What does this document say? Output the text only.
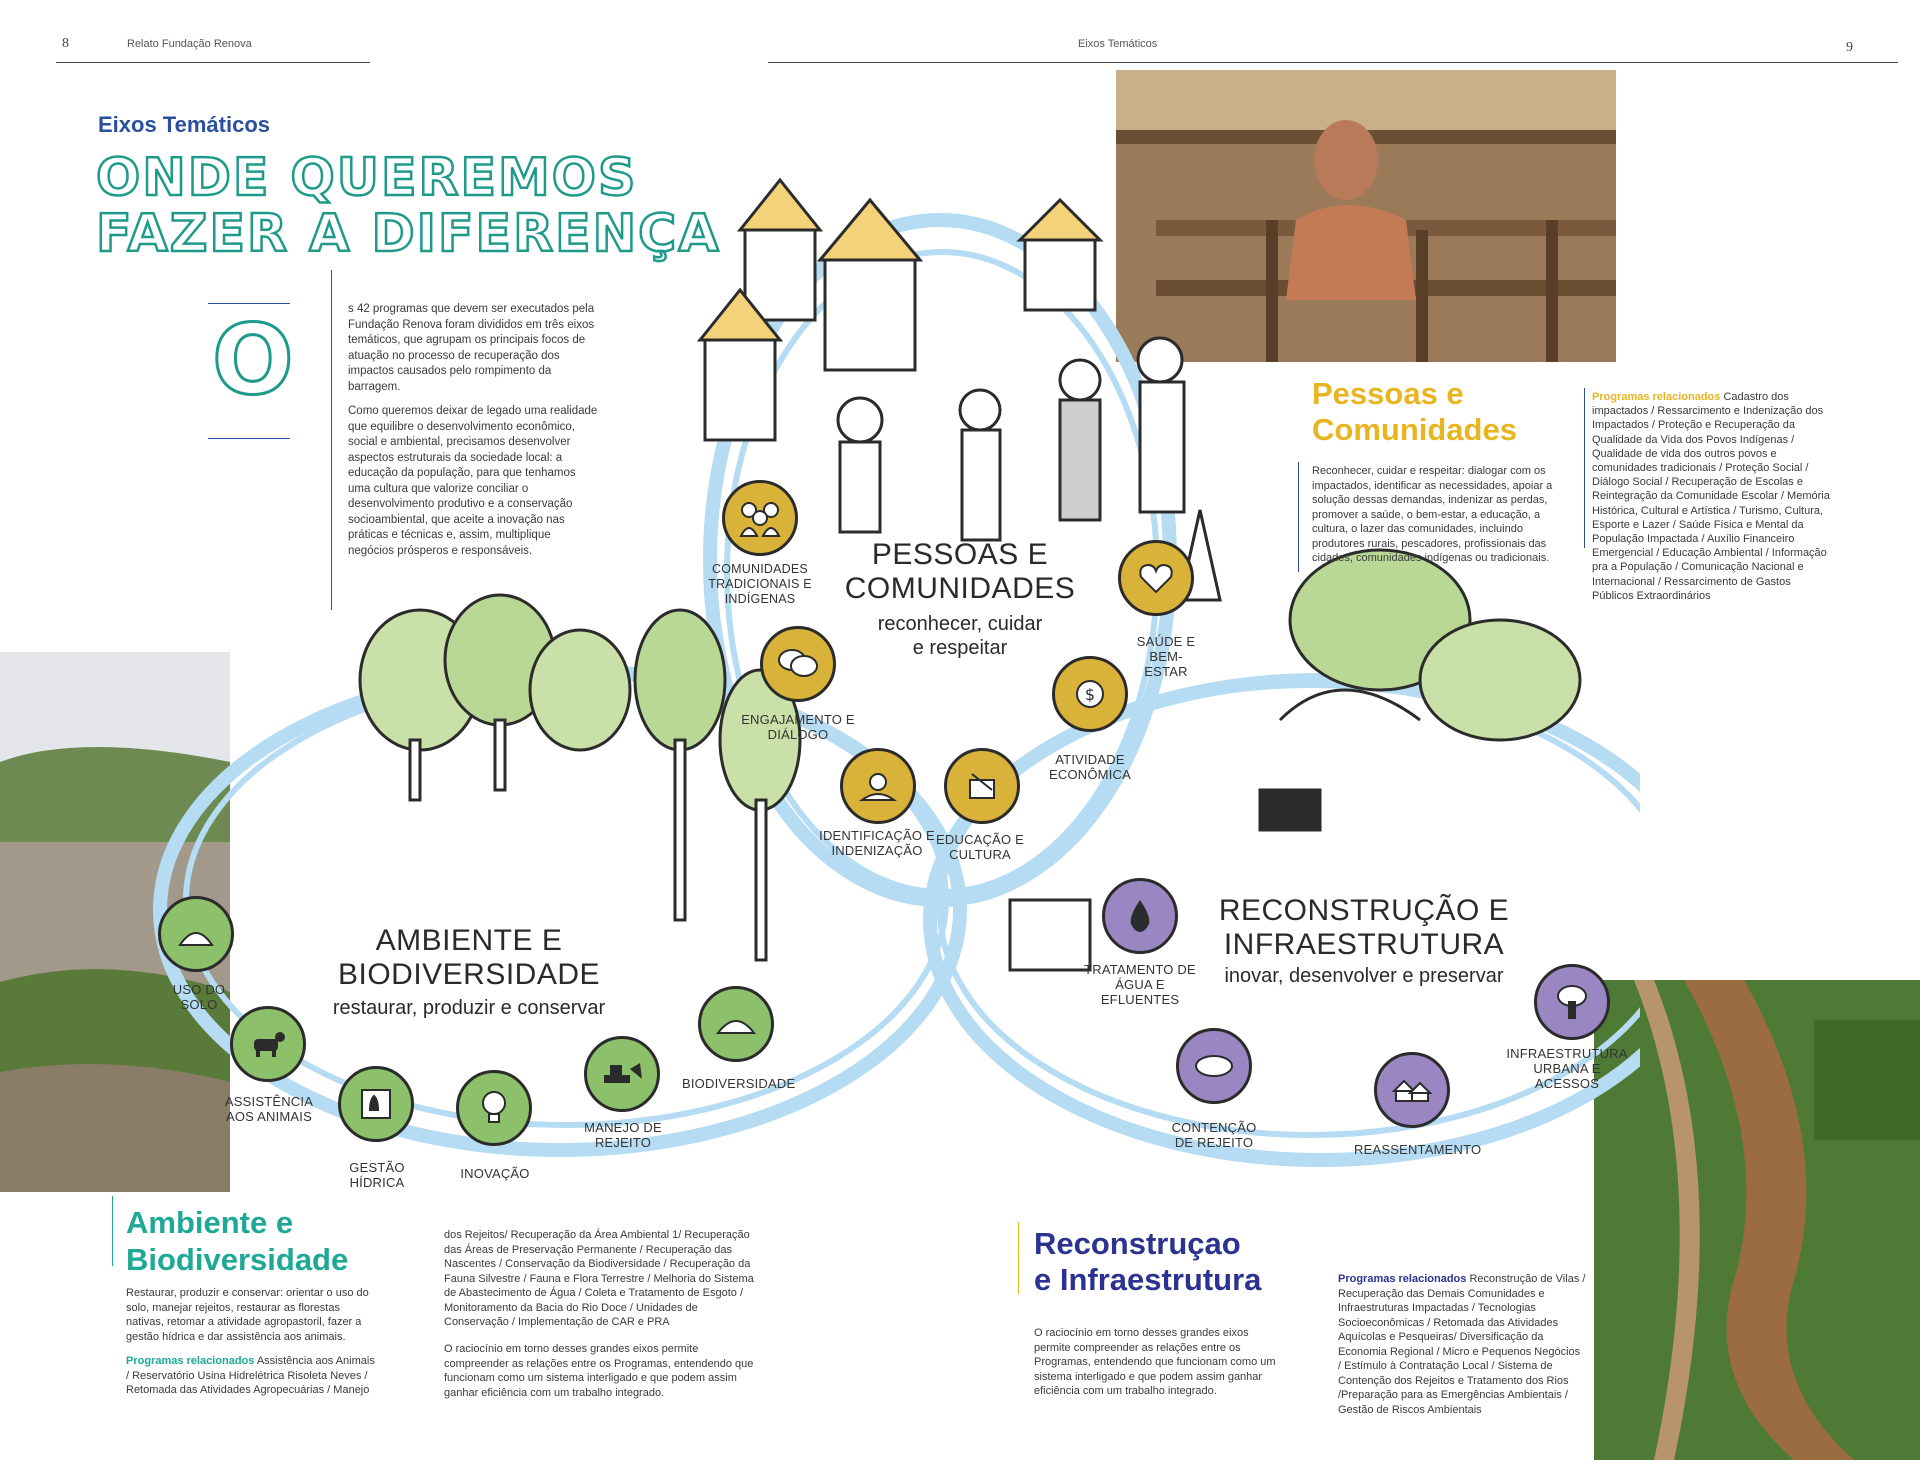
8	Relato Fundação Renova	Eixos Temáticos	9
Eixos Temáticos
ONDE QUEREMOS
FAZER A DIFERENÇA
O	s 42 programas que devem ser executados pela Fundação Renova foram divididos em três eixos temáticos, que agrupam os principais focos de atuação no processo de recuperação dos impactos causados pelo rompimento da barragem.
Como queremos deixar de legado uma realidade que equilibre o desenvolvimento econômico, social e ambiental, precisamos desenvolver aspectos estruturais da sociedade local: a educação da população, para que tenhamos uma cultura que valorize conciliar o desenvolvimento produtivo e a conservação socioambiental, que aceite a inovação nas práticas e técnicas e, assim, multiplique negócios prósperos e responsáveis.
COMUNIDADES TRADICIONAIS E INDÍGENAS
ENGAJAMENTO E DIÁLOGO
IDENTIFICAÇÃO E INDENIZAÇÃO
EDUCAÇÃO E CULTURA
$
ATIVIDADE ECONÔMICA
SAÚDE E BEM-ESTAR
USO DO SOLO
ASSISTÊNCIA AOS ANIMAIS
GESTÃO HÍDRICA
INOVAÇÃO
MANEJO DE REJEITO
BIODIVERSIDADE
TRATAMENTO DE ÁGUA E EFLUENTES
CONTENÇÃO DE REJEITO	REASSENTAMENTO
INFRAESTRUTURA URBANA E ACESSOS
PESSOAS E
COMUNIDADES
reconhecer, cuidar
e respeitar
AMBIENTE E
BIODIVERSIDADE
restaurar, produzir e conservar
RECONSTRUÇÃO E
INFRAESTRUTURA
inovar, desenvolver e preservar
Pessoas e
Comunidades
Reconhecer, cuidar e respeitar: dialogar com os impactados, identificar as necessidades, apoiar a solução dessas demandas, indenizar as perdas, promover a saúde, o bem-estar, a educação, a cultura, o lazer das comunidades, incluindo produtores rurais, pescadores, profissionais das cidades, comunidades indígenas ou tradicionais.
Programas relacionados Cadastro dos impactados / Ressarcimento e Indenização dos Impactados / Proteção e Recuperação da Qualidade da Vida dos Povos Indígenas / Qualidade de vida dos outros povos e comunidades tradicionais / Proteção Social / Diálogo Social / Recuperação de Escolas e Reintegração da Comunidade Escolar / Memória Histórica, Cultural e Artística / Turismo, Cultura, Esporte e Lazer / Saúde Física e Mental da População Impactada / Auxílio Financeiro Emergencial / Educação Ambiental / Informação pra a População / Comunicação Nacional e Internacional / Ressarcimento de Gastos Públicos Extraordinários
Ambiente e
Biodiversidade
Restaurar, produzir e conservar: orientar o uso do solo, manejar rejeitos, restaurar as florestas nativas, retomar a atividade agropastoril, fazer a gestão hídrica e dar assistência aos animais.
Programas relacionados Assistência aos Animais / Reservatório Usina Hidrelétrica Risoleta Neves / Retomada das Atividades Agropecuárias / Manejo
dos Rejeitos/ Recuperação da Área Ambiental 1/ Recuperação das Áreas de Preservação Permanente / Recuperação das Nascentes / Conservação da Biodiversidade / Recuperação da Fauna Silvestre / Fauna e Flora Terrestre / Melhoria do Sistema de Abastecimento de Água / Coleta e Tratamento de Esgoto / Monitoramento da Bacia do Rio Doce / Unidades de Conservação / Implementação de CAR e PRA
O raciocínio em torno desses grandes eixos permite compreender as relações entre os Programas, entendendo que funcionam como um sistema interligado e que podem assim ganhar eficiência com um trabalho integrado.
Reconstruçao
e Infraestrutura
O raciocínio em torno desses grandes eixos permite compreender as relações entre os Programas, entendendo que funcionam como um sistema interligado e que podem assim ganhar eficiência com um trabalho integrado.
Programas relacionados Reconstrução de Vilas / Recuperação das Demais Comunidades e Infraestruturas Impactadas / Tecnologias Socioeconômicas / Retomada das Atividades Aquícolas e Pesqueiras/ Diversificação da Economia Regional / Micro e Pequenos Negócios / Estímulo à Contratação Local / Sistema de Contenção dos Rejeitos e Tratamento dos Rios /Preparação para as Emergências Ambientais / Gestão de Riscos Ambientais
